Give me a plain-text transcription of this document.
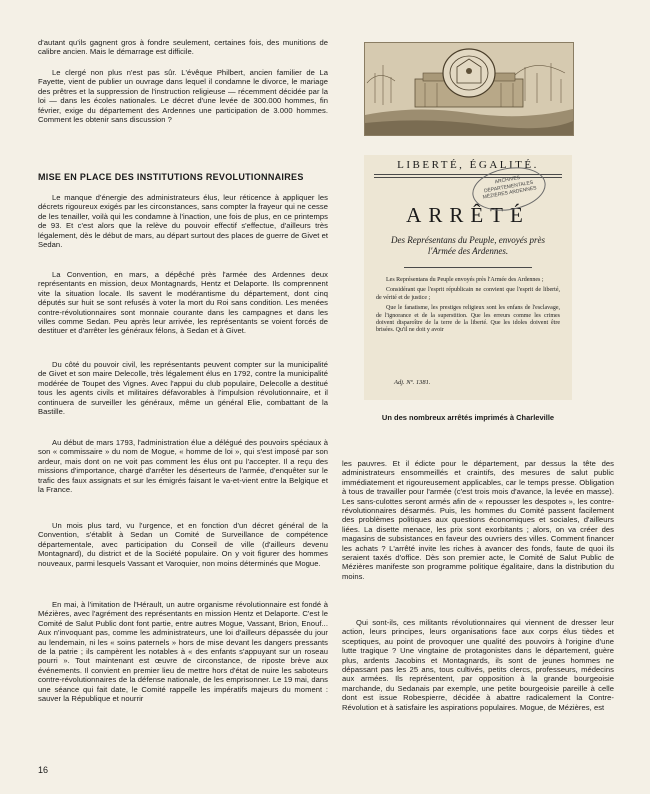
d'autant qu'ils gagnent gros à fondre seulement, certaines fois, des munitions de calibre ancien. Mais le démarrage est difficile.

Le clergé non plus n'est pas sûr. L'évêque Philbert, ancien familier de La Fayette, vient de publier un ouvrage dans lequel il condamne le divorce, le mariage des prêtres et la suppression de l'instruction religieuse — récemment décidée par la loi — dans les écoles nationales. Le décret d'une levée de 300.000 hommes, fin février, exige du département des Ardennes une participation de 3.000 hommes. Comment les obtenir sans discussion ?

MISE EN PLACE DES INSTITUTIONS REVOLUTIONNAIRES

Le manque d'énergie des administrateurs élus, leur réticence à appliquer les décrets rigoureux exigés par les circonstances, sans compter la frayeur qui ne cesse de les tenailler, voilà qui les condamne à l'inaction, une fois de plus, en ce printemps de 93. Et c'est alors que la relève du pouvoir effectif s'effectue, d'ailleurs très légalement, dès le début de mars, au départ surtout des places de guerre de Givet et Sedan.

La Convention, en mars, a dépêché près l'armée des Ardennes deux représentants en mission, deux Montagnards, Hentz et Delaporte. Ils comprennent vite la situation locale. Ils savent le modérantisme du département, dont cinq députés sur huit se sont refusés à voter la mort du Roi sans condition. Les menées contre-révolutionnaires sont monnaie courante dans les campagnes et dans les villes comme Sedan. Peu après leur arrivée, les représentants se voient forcés de destituer et d'arrêter les généraux félons, à Sedan et à Givet.

Du côté du pouvoir civil, les représentants peuvent compter sur la municipalité de Givet et son maire Delecolle, très légalement élus en 1792, contre la municipalité modérée de Toupet des Vignes. Avec l'appui du club populaire, Delecolle a destitué tous les agents civils et militaires défavorables à l'impulsion révolutionnaire, et il continuera de surveiller les généraux, même un général Elie, combattant de la Bastille.

Au début de mars 1793, l'administration élue a délégué des pouvoirs spéciaux à son « commissaire » du nom de Mogue, « homme de loi », qui s'est imposé par son ardeur, mais dont on ne voit pas comment les élus ont pu l'accepter. Il a reçu des missions d'importance, chargé d'arrêter les déserteurs de l'armée, d'enquêter sur le trafic des faux assignats et sur les émigrés faisant le va-et-vient entre la Belgique et la France.

Un mois plus tard, vu l'urgence, et en fonction d'un décret général de la Convention, s'établit à Sedan un Comité de Surveillance de compétence départementale, avec participation du Conseil de ville (d'ailleurs devenu Montagnard), du district et de la Société populaire. On y voit figurer des hommes nouveaux, parmi lesquels Vassant et Varoquier, non moins déterminés que Mogue.

En mai, à l'imitation de l'Hérault, un autre organisme révolutionnaire est fondé à Mézières, avec l'agrément des représentants en mission Hentz et Delaporte. C'est le Comité de Salut Public dont font partie, entre autres Mogue, Vassant, Brion, Enouf... Aux n'invoquant pas, comme les administrateurs, une loi d'ailleurs dépassée du jour au lendemain, ni les « soins paternels » hors de mise devant les dangers pressants de la patrie ; ils campèrent les notables à « des enfants s'appuyant sur un roseau pourri ». Tout maintenant est œuvre de circonstance, de riposte brève aux événements. Il convient en premier lieu de mettre hors d'état de nuire les saboteurs contre-révolutionnaires de la défense nationale, de les emprisonner. Le 19 mai, dans une séance qui fait date, le Comité rappelle les impératifs majeurs du moment : sauver la République et nourrir

LIBERTÉ, ÉGALITÉ.
ARRÊTÉ
Des Représentans du Peuple, envoyés près l'Armée des Ardennes.

Les Représentans du Peuple envoyés près l'Armée des Ardennes ;

Considérant que l'esprit républicain ne convient que l'esprit de liberté, de vérité et de justice ;

Que le fanatisme, les prestiges religieux sont les enfans de l'esclavage, de l'ignorance et de la superstition. Que les erreurs comme les crimes doivent disparoître de la terre de la liberté. Que les idoles doivent être brisées. Qu'il ne doit y avoir

Adj. Nº. 1381.
ARCHIVES DÉPARTEMENTALES MÉZIÈRES ARDENNES

Un des nombreux arrêtés imprimés à Charleville

les pauvres. Et il édicte pour le département, par dessus la tête des administrateurs ensommeillés et craintifs, des mesures de salut public immédiatement et rigoureusement applicables, car le temps presse. Obligation à tous de travailler pour l'armée (c'est trois mois d'avance, la levée en masse). Les sans-culottes seront armés afin de « repousser les despotes », les contre-révolutionnaires désarmés. Puis, les hommes du Comité passent facilement des problèmes politiques aux questions économiques et sociales, d'ailleurs liées. La disette menace, les prix sont exorbitants ; alors, on va créer des magasins de subsistances en faveur des ouvriers des villes. Comment financer les achats ? L'arrêté invite les riches à avancer des fonds, faute de quoi ils seraient taxés d'office. Dès son premier acte, le Comité de Salut Public de Mézières manifeste son programme politique égalitaire, dans la distribution du moins.

Qui sont-ils, ces militants révolutionnaires qui viennent de dresser leur action, leurs principes, leurs organisations face aux corps élus tièdes et sceptiques, au point de provoquer une qualité des pouvoirs à l'origine d'une lutte tragique ? Une vingtaine de protagonistes dans le département, guère plus, ardents Jacobins et Montagnards, ils sont de jeunes hommes ne dépassant pas les 25 ans, tous cultivés, petits clercs, professeurs, médecins aux armées. Ils représentent, par opposition à la grande bourgeoisie marchande, du Sedanais par exemple, une petite bourgeoisie pareille à celle dont est issue Robespierre, décidée à abattre radicalement la Contre-Révolution et à satisfaire les aspirations populaires. Mogue, de Mézières, est

16
